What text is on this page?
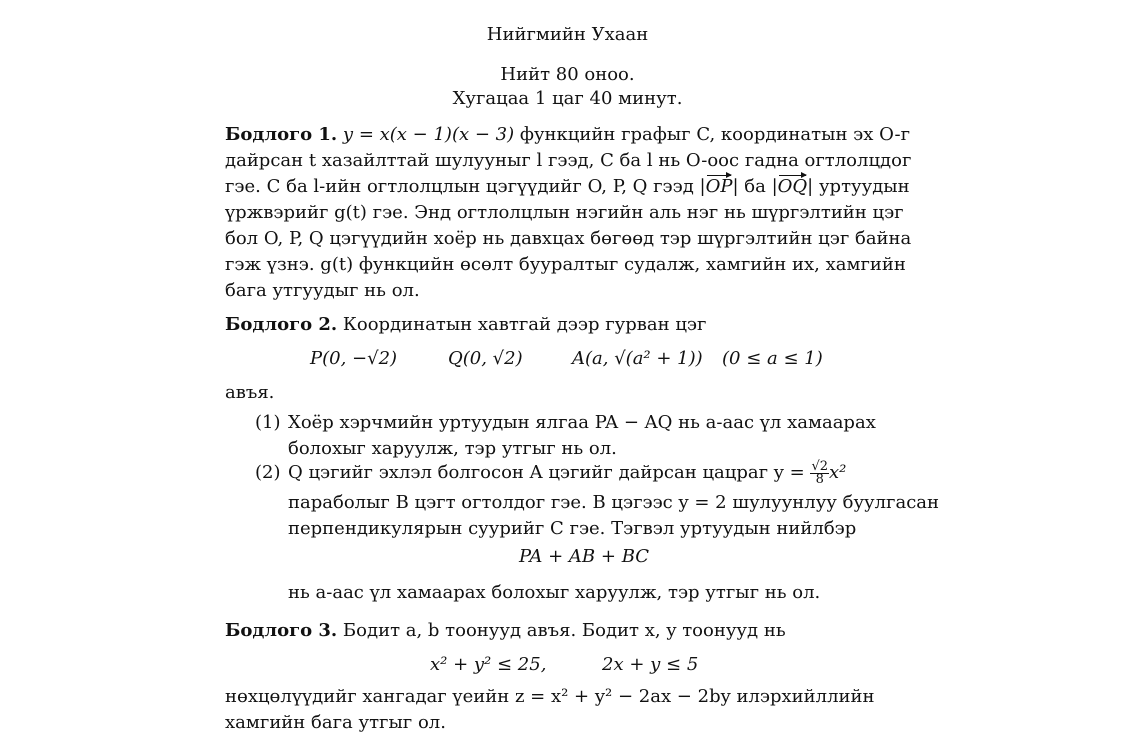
Нийгмийн Ухаан
Нийт 80 оноо.
Хугацаа 1 цаг 40 минут.
Бодлого 1. y = x(x − 1)(x − 3) функцийн графыг C, координатын эх O-г
дайрсан t хазайлттай шулууныг l гээд, C ба l нь O-оос гадна огтлолцдог
гэе. C ба l-ийн огтлолцлын цэгүүдийг O, P, Q гээд |OP| ба |OQ| уртуудын
үржвэрийг g(t) гэе. Энд огтлолцлын нэгийн аль нэг нь шүргэлтийн цэг
бол O, P, Q цэгүүдийн хоёр нь давхцах бөгөөд тэр шүргэлтийн цэг байна
гэж үзнэ. g(t) функцийн өсөлт бууралтыг судалж, хамгийн их, хамгийн
бага утгуудыг нь ол.
Бодлого 2. Координатын хавтгай дээр гурван цэг
P(0, −√2)	Q(0, √2)	A(a, √(a² + 1)) (0 ≤ a ≤ 1)
авъя.
(1) Хоёр хэрчмийн уртуудын ялгаа PA − AQ нь a-аас үл хамаарах
болохыг харуулж, тэр утгыг нь ол.
(2) Q цэгийг эхлэл болгосон A цэгийг дайрсан цацраг $y = \frac{√2}{8} x^2$
параболыг B цэгт огтолдог гэе. B цэгээс y = 2 шулуунлуу буулгасан
перпендикулярын суурийг C гэе. Тэгвэл уртуудын нийлбэр
PA + AB + BC
нь a-аас үл хамаарах болохыг харуулж, тэр утгыг нь ол.
Бодлого 3. Бодит a, b тоонууд авъя. Бодит x, y тоонууд нь
x² + y² ≤ 25,	2x + y ≤ 5
нөхцөлүүдийг хангадаг үеийн z = x² + y² − 2ax − 2by илэрхийллийн
хамгийн бага утгыг ол.
